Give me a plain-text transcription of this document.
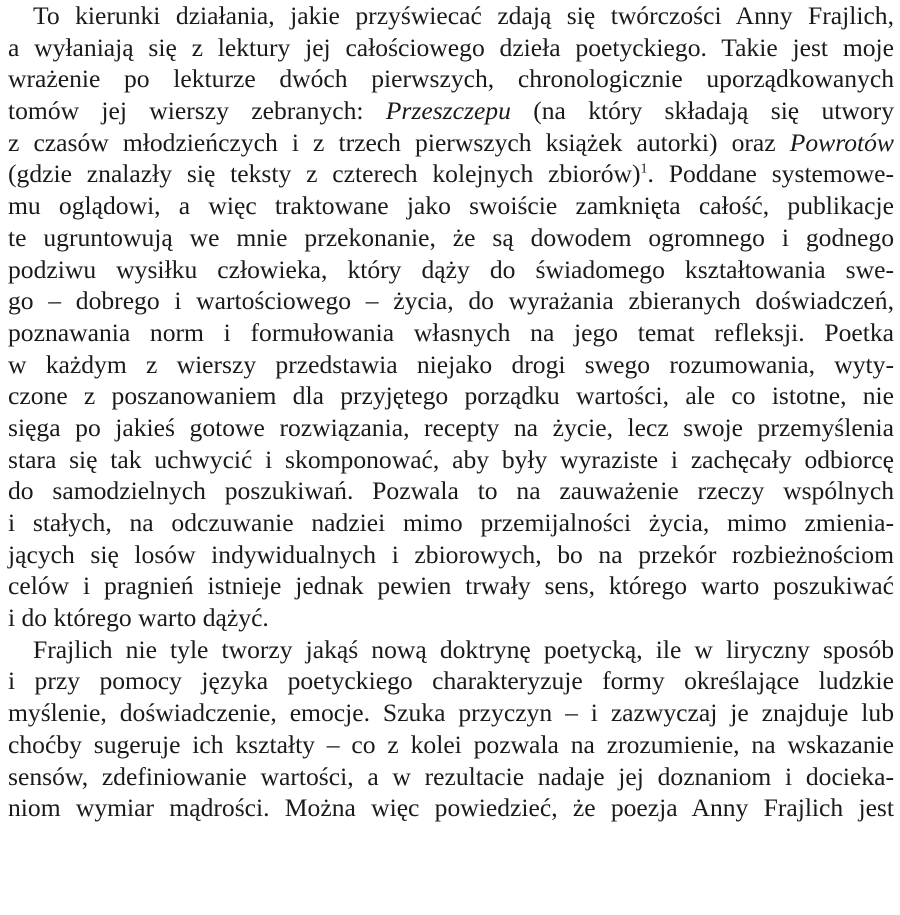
To kierunki działania, jakie przyświecać zdają się twórczości Anny Frajlich,
a wyłaniają się z lektury jej całościowego dzieła poetyckiego. Takie jest moje
wrażenie po lekturze dwóch pierwszych, chronologicznie uporządkowanych
tomów jej wierszy zebranych: Przeszczepu (na który składają się utwory
z czasów młodzieńczych i z trzech pierwszych książek autorki) oraz Powrotów
(gdzie znalazły się teksty z czterech kolejnych zbiorów)$^1$. Poddane systemowe-
mu oglądowi, a więc traktowane jako swoiście zamknięta całość, publikacje
te ugruntowują we mnie przekonanie, że są dowodem ogromnego i godnego
podziwu wysiłku człowieka, który dąży do świadomego kształtowania swe-
go – dobrego i wartościowego – życia, do wyrażania zbieranych doświadczeń,
poznawania norm i formułowania własnych na jego temat refleksji. Poetka
w każdym z wierszy przedstawia niejako drogi swego rozumowania, wyty-
czone z poszanowaniem dla przyjętego porządku wartości, ale co istotne, nie
sięga po jakieś gotowe rozwiązania, recepty na życie, lecz swoje przemyślenia
stara się tak uchwycić i skomponować, aby były wyraziste i zachęcały odbiorcę
do samodzielnych poszukiwań. Pozwala to na zauważenie rzeczy wspólnych
i stałych, na odczuwanie nadziei mimo przemijalności życia, mimo zmienia-
jących się losów indywidualnych i zbiorowych, bo na przekór rozbieżnościom
celów i pragnień istnieje jednak pewien trwały sens, którego warto poszukiwać
i do którego warto dążyć.
Frajlich nie tyle tworzy jakąś nową doktrynę poetycką, ile w liryczny sposób
i przy pomocy języka poetyckiego charakteryzuje formy określające ludzkie
myślenie, doświadczenie, emocje. Szuka przyczyn – i zazwyczaj je znajduje lub
choćby sugeruje ich kształty – co z kolei pozwala na zrozumienie, na wskazanie
sensów, zdefiniowanie wartości, a w rezultacie nadaje jej doznaniom i docieka-
niom wymiar mądrości. Można więc powiedzieć, że poezja Anny Frajlich jest
